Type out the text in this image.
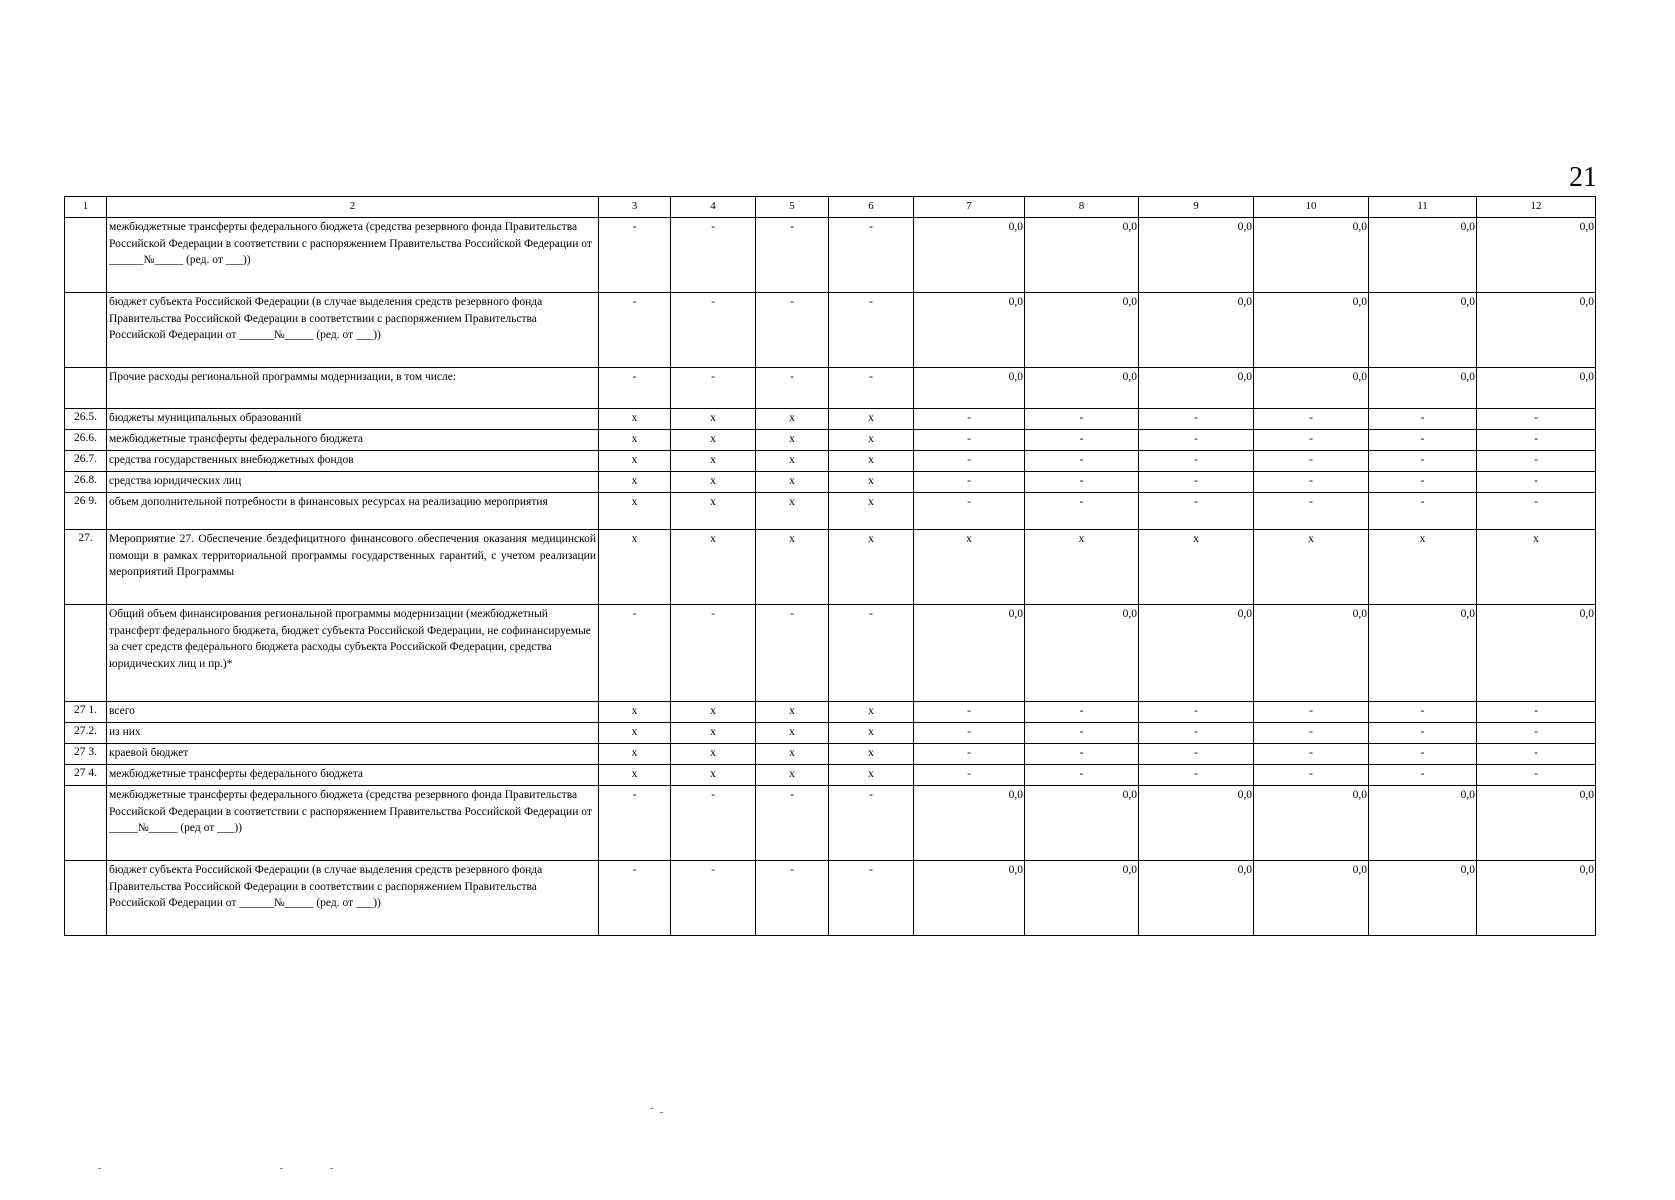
21
1	2	3	4	5	6	7	8	9	10	11	12
	межбюджетные трансферты федерального бюджета (средства резервного фонда Правительства Российской Федерации в соответствии с распоряжением Правительства Российской Федерации от ______№_____ (ред. от ___))	-	-	-	-	0,0	0,0	0,0	0,0	0,0	0,0
	бюджет субъекта Российской Федерации (в случае выделения средств резервного фонда Правительства Российской Федерации в соответствии с распоряжением Правительства Российской Федерации от ______№_____ (ред. от ___))	-	-	-	-	0,0	0,0	0,0	0,0	0,0	0,0
	Прочие расходы региональной программы модернизации, в том числе:	-	-	-	-	0,0	0,0	0,0	0,0	0,0	0,0
26.5.	бюджеты муниципальных образований	x	x	x	x	-	-	-	-	-	-
26.6.	межбюджетные трансферты федерального бюджета	x	x	x	x	-	-	-	-	-	-
26.7.	средства государственных внебюджетных фондов	x	x	x	x	-	-	-	-	-	-
26.8.	средства юридических лиц	x	x	x	x	-	-	-	-	-	-
26 9.	объем дополнительной потребности в финансовых ресурсах на реализацию мероприятия	x	x	x	x	-	-	-	-	-	-
27.	Мероприятие 27. Обеспечение бездефицитного финансового обеспечения оказания медицинской помощи в рамках территориальной программы государственных гарантий, с учетом реализации мероприятий Программы	x	x	x	x	x	x	x	x	x	x
	Общий объем финансирования региональной программы модернизации (межбюджетный трансферт федерального бюджета, бюджет субъекта Российской Федерации, не софинансируемые за счет средств федерального бюджета расходы субъекта Российской Федерации, средства юридических лиц и пр.)*	-	-	-	-	0,0	0,0	0,0	0,0	0,0	0,0
27 1.	всего	x	x	x	x	-	-	-	-	-	-
27.2.	из них	x	x	x	x	-	-	-	-	-	-
27 3.	краевой бюджет	x	x	x	x	-	-	-	-	-	-
27 4.	межбюджетные трансферты федерального бюджета	x	x	x	x	-	-	-	-	-	-
	межбюджетные трансферты федерального бюджета (средства резервного фонда Правительства Российской Федерации в соответствии с распоряжением Правительства Российской Федерации от _____№_____ (ред от ___))	-	-	-	-	0,0	0,0	0,0	0,0	0,0	0,0
	бюджет субъекта Российской Федерации (в случае выделения средств резервного фонда Правительства Российской Федерации в соответствии с распоряжением Правительства Российской Федерации от ______№_____ (ред. от ___))	-	-	-	-	0,0	0,0	0,0	0,0	0,0	0,0
